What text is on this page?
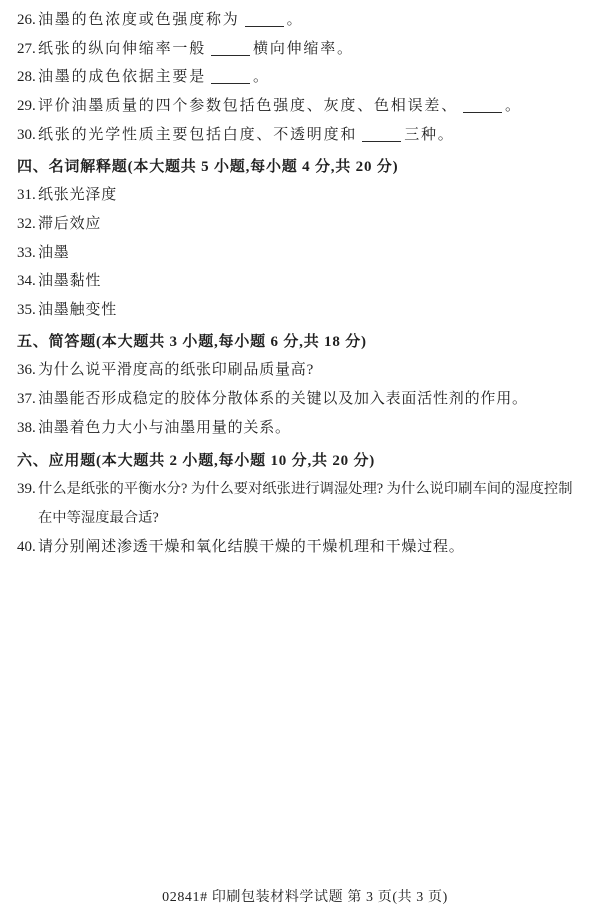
26. 油墨的色浓度或色强度称为	。
27. 纸张的纵向伸缩率一般	横向伸缩率。
28. 油墨的成色依据主要是	。
29. 评价油墨质量的四个参数包括色强度、灰度、色相误差、	。
30. 纸张的光学性质主要包括白度、不透明度和	三种。
四、名词解释题(本大题共 5 小题,每小题 4 分,共 20 分)
31. 纸张光泽度
32. 滞后效应
33. 油墨
34. 油墨黏性
35. 油墨触变性
五、简答题(本大题共 3 小题,每小题 6 分,共 18 分)
36. 为什么说平滑度高的纸张印刷品质量高?
37. 油墨能否形成稳定的胶体分散体系的关键以及加入表面活性剂的作用。
38. 油墨着色力大小与油墨用量的关系。
六、应用题(本大题共 2 小题,每小题 10 分,共 20 分)
39. 什么是纸张的平衡水分? 为什么要对纸张进行调湿处理? 为什么说印刷车间的湿度控制在中等湿度最合适?
40. 请分别阐述渗透干燥和氧化结膜干燥的干燥机理和干燥过程。
02841# 印刷包装材料学试题 第 3 页(共 3 页)
